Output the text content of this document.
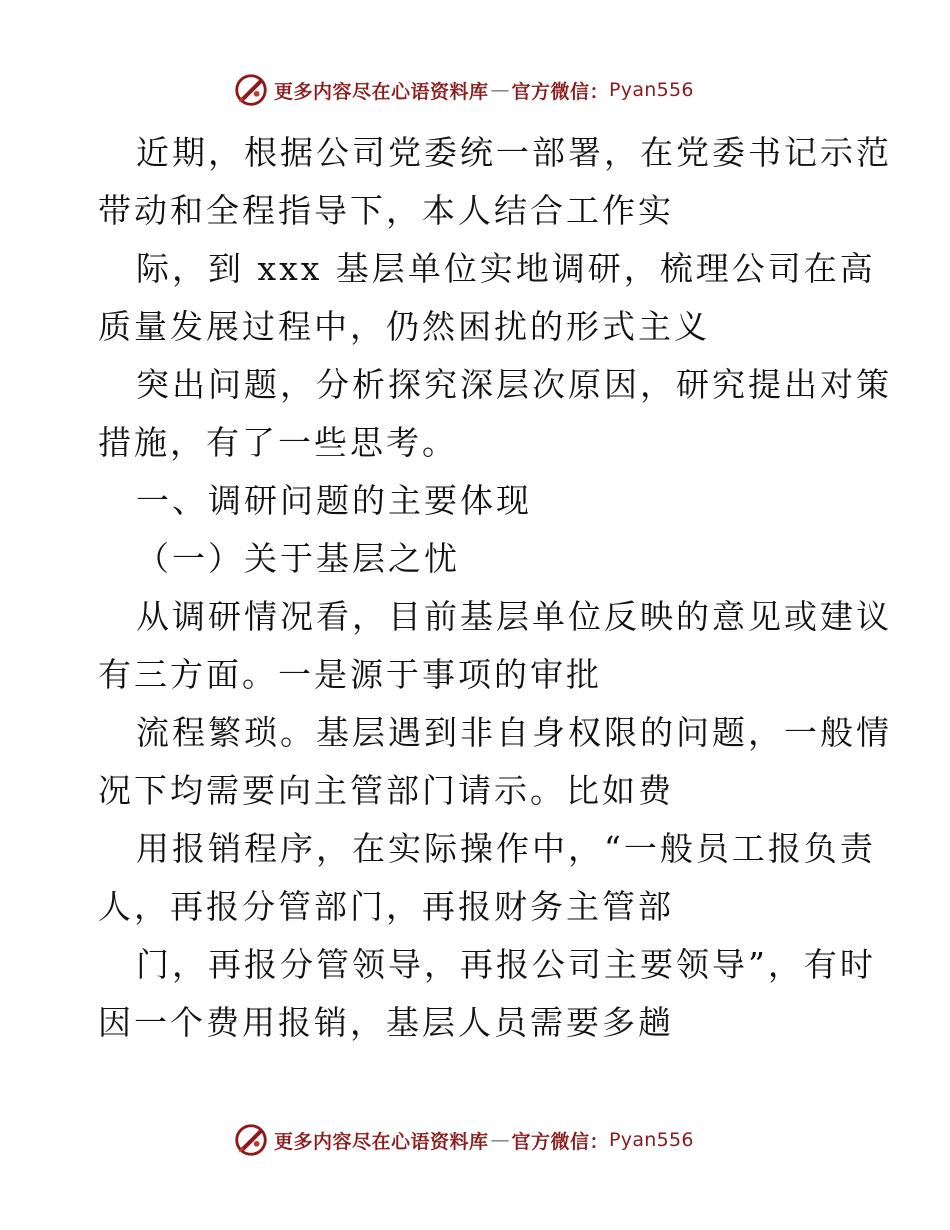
更多内容尽在心语资料库 — 官方微信： Pyan556
近期，根据公司党委统一部署，在党委书记示范
带动和全程指导下，本人结合工作实
际，到 xxx 基层单位实地调研，梳理公司在高
质量发展过程中，仍然困扰的形式主义
突出问题，分析探究深层次原因，研究提出对策
措施，有了一些思考。
一、调研问题的主要体现
（一）关于基层之忧
从调研情况看，目前基层单位反映的意见或建议
有三方面。一是源于事项的审批
流程繁琐。基层遇到非自身权限的问题，一般情
况下均需要向主管部门请示。比如费
用报销程序，在实际操作中，“一般员工报负责
人，再报分管部门，再报财务主管部
门，再报分管领导，再报公司主要领导”，有时
因一个费用报销，基层人员需要多趟
更多内容尽在心语资料库 — 官方微信： Pyan556
